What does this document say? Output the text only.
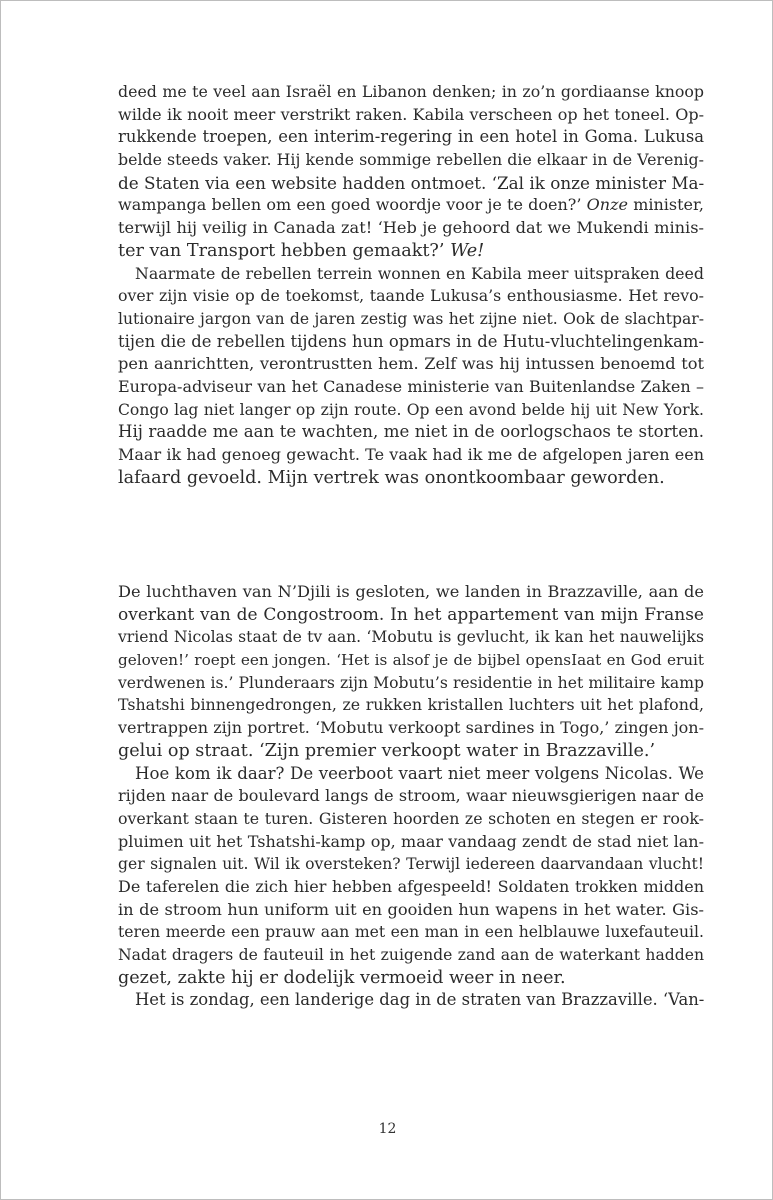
deed me te veel aan Israël en Libanon denken; in zo’n gordiaanse knoop
wilde ik nooit meer verstrikt raken. Kabila verscheen op het toneel. Op-
rukkende troepen, een interim-regering in een hotel in Goma. Lukusa
belde steeds vaker. Hij kende sommige rebellen die elkaar in de Verenig-
de Staten via een website hadden ontmoet. ‘Zal ik onze minister Ma-
wampanga bellen om een goed woordje voor je te doen?’ Onze minister,
terwijl hij veilig in Canada zat! ‘Heb je gehoord dat we Mukendi minis-
ter van Transport hebben gemaakt?’ We!
Naarmate de rebellen terrein wonnen en Kabila meer uitspraken deed
over zijn visie op de toekomst, taande Lukusa’s enthousiasme. Het revo-
lutionaire jargon van de jaren zestig was het zijne niet. Ook de slachtpar-
tijen die de rebellen tijdens hun opmars in de Hutu-vluchtelingenkam-
pen aanrichtten, verontrustten hem. Zelf was hij intussen benoemd tot
Europa-adviseur van het Canadese ministerie van Buitenlandse Zaken –
Congo lag niet langer op zijn route. Op een avond belde hij uit New York.
Hij raadde me aan te wachten, me niet in de oorlogschaos te storten.
Maar ik had genoeg gewacht. Te vaak had ik me de afgelopen jaren een
lafaard gevoeld. Mijn vertrek was onontkoombaar geworden.
De luchthaven van N’Djili is gesloten, we landen in Brazzaville, aan de
overkant van de Congostroom. In het appartement van mijn Franse
vriend Nicolas staat de tv aan. ‘Mobutu is gevlucht, ik kan het nauwelijks
geloven!’ roept een jongen. ‘Het is alsof je de bijbel opensIaat en God eruit
verdwenen is.’ Plunderaars zijn Mobutu’s residentie in het militaire kamp
Tshatshi binnengedrongen, ze rukken kristallen luchters uit het plafond,
vertrappen zijn portret. ‘Mobutu verkoopt sardines in Togo,’ zingen jon-
gelui op straat. ‘Zijn premier verkoopt water in Brazzaville.’
Hoe kom ik daar? De veerboot vaart niet meer volgens Nicolas. We
rijden naar de boulevard langs de stroom, waar nieuwsgierigen naar de
overkant staan te turen. Gisteren hoorden ze schoten en stegen er rook-
pluimen uit het Tshatshi-kamp op, maar vandaag zendt de stad niet lan-
ger signalen uit. Wil ik oversteken? Terwijl iedereen daarvandaan vlucht!
De taferelen die zich hier hebben afgespeeld! Soldaten trokken midden
in de stroom hun uniform uit en gooiden hun wapens in het water. Gis-
teren meerde een prauw aan met een man in een helblauwe luxefauteuil.
Nadat dragers de fauteuil in het zuigende zand aan de waterkant hadden
gezet, zakte hij er dodelijk vermoeid weer in neer.
Het is zondag, een landerige dag in de straten van Brazzaville. ‘Van-
12
